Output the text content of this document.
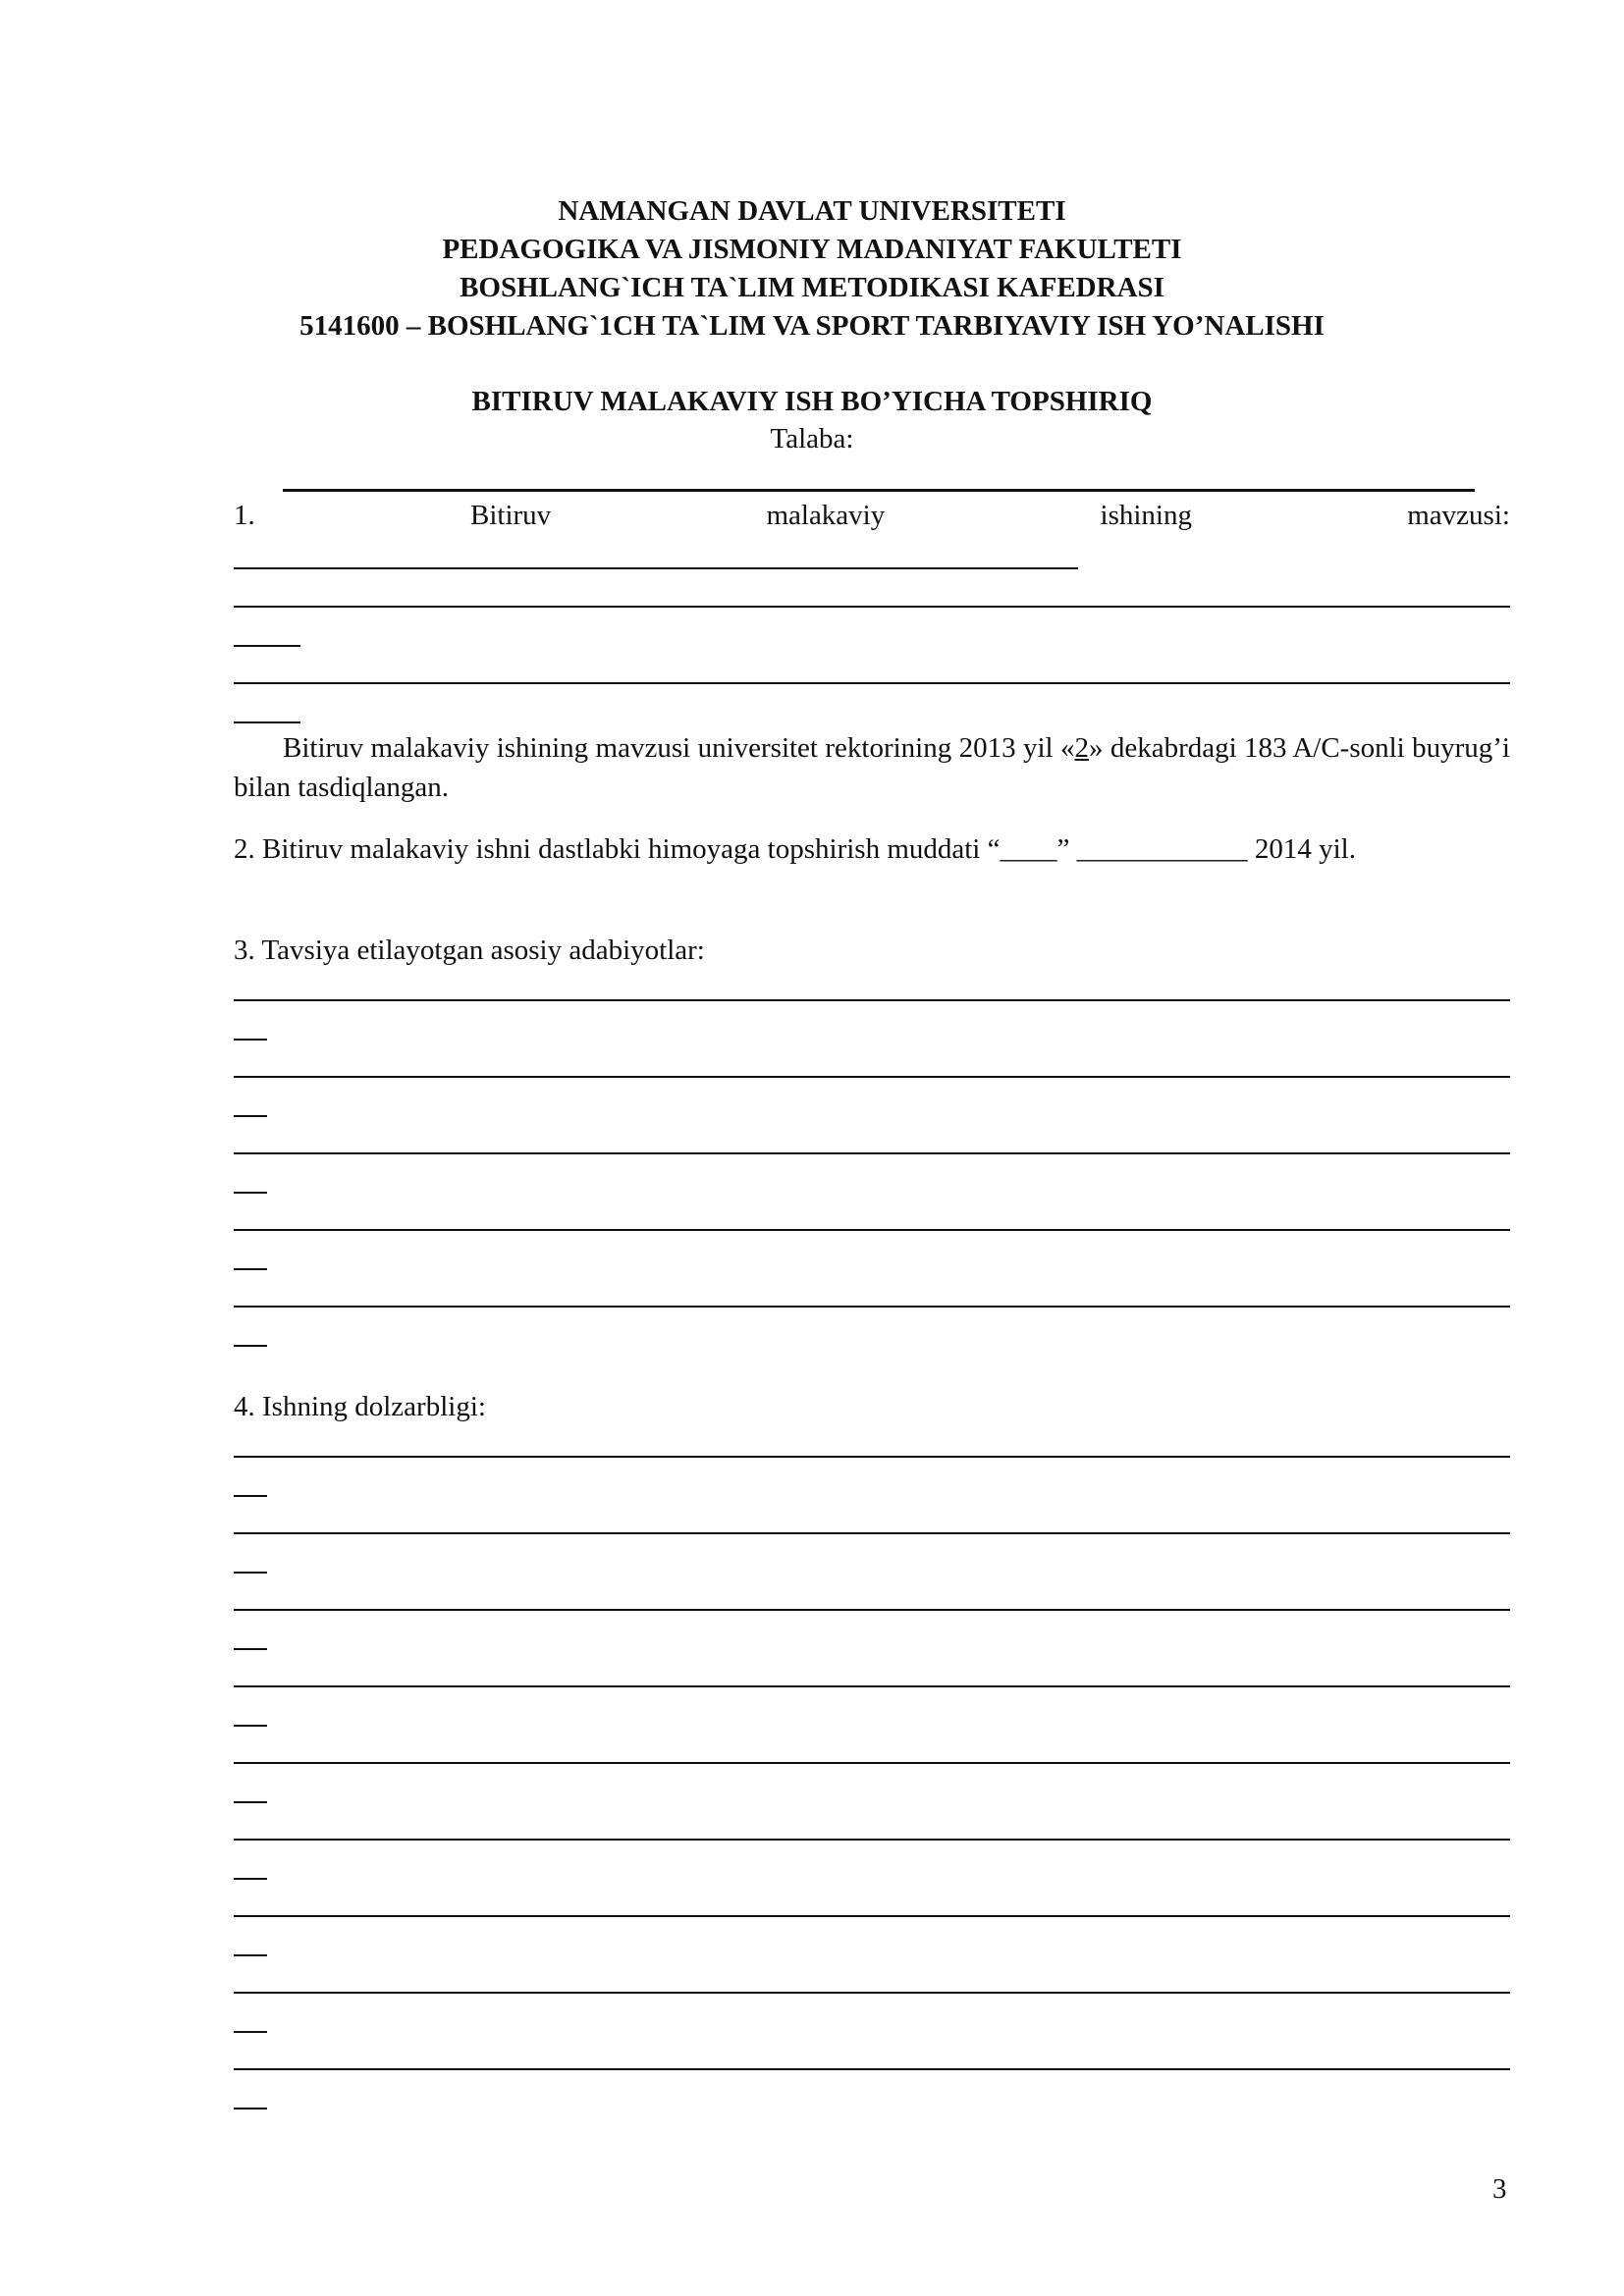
NAMANGAN DAVLAT UNIVERSITETI
PEDAGOGIKA VA JISMONIY MADANIYAT FAKULTETI
BOSHLANG`ICH TA`LIM METODIKASI KAFEDRASI
5141600 – BOSHLANG`1CH TA`LIM VA SPORT TARBIYAVIY ISH YO’NALISHI
BITIRUV MALAKAVIY ISH BO’YICHA TOPSHIRIQ
Talaba:
1.	Bitiruv	malakaviy	ishining	mavzusi:
Bitiruv malakaviy ishining mavzusi universitet rektorining 2013 yil «2» dekabrdagi 183 A/C-sonli buyrug’i bilan tasdiqlangan.
2. Bitiruv malakaviy ishni dastlabki himoyaga topshirish muddati “____” ____________ 2014 yil.
3. Tavsiya etilayotgan asosiy adabiyotlar:
4. Ishning dolzarbligi:
3
